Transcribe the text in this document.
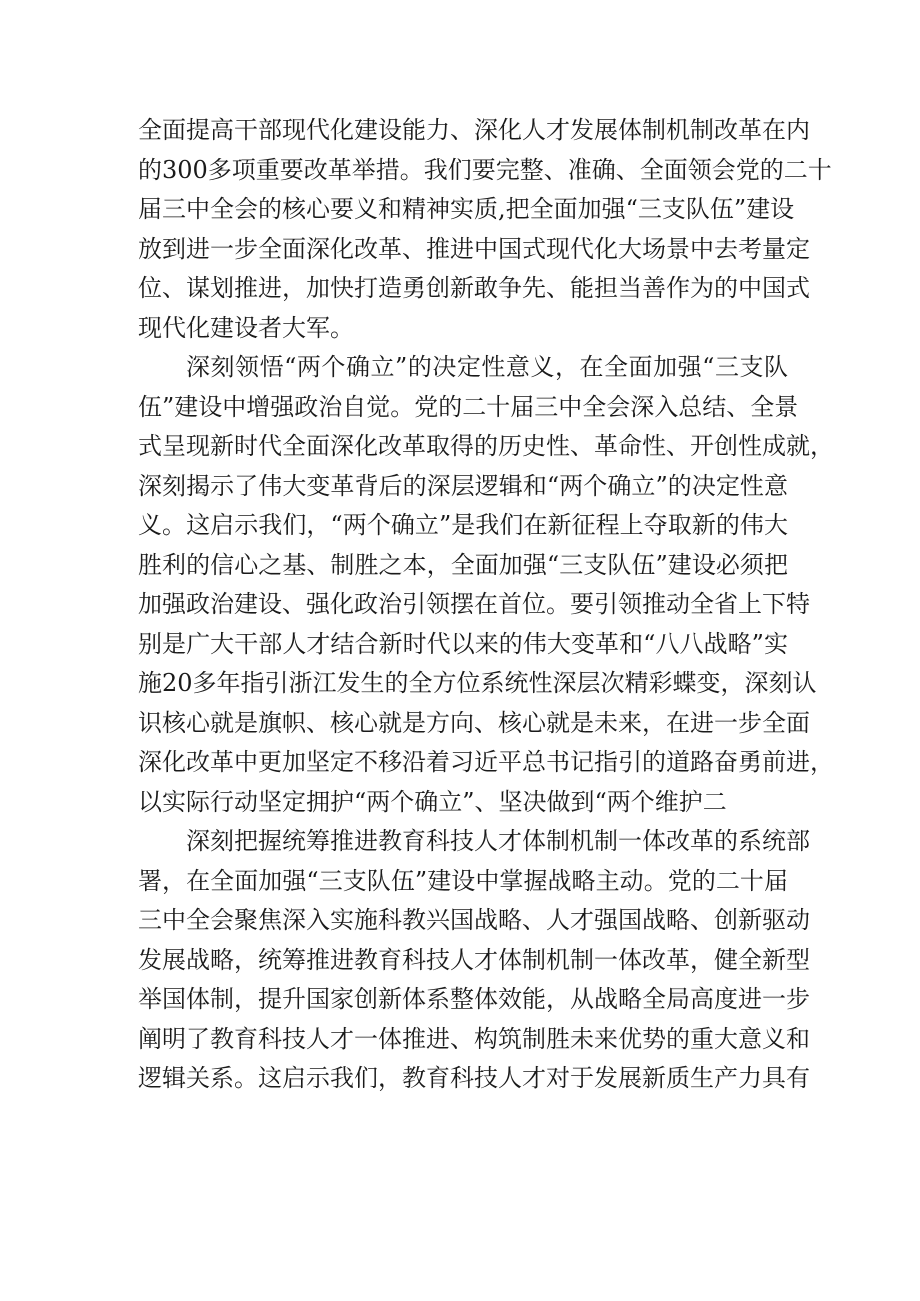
全面提高干部现代化建设能力、深化人才发展体制机制改革在内
的300多项重要改革举措。我们要完整、准确、全面领会党的二十
届三中全会的核心要义和精神实质,把全面加强“三支队伍”建设
放到进一步全面深化改革、推进中国式现代化大场景中去考量定
位、谋划推进，加快打造勇创新敢争先、能担当善作为的中国式
现代化建设者大军。
深刻领悟“两个确立”的决定性意义，在全面加强“三支队
伍”建设中增强政治自觉。党的二十届三中全会深入总结、全景
式呈现新时代全面深化改革取得的历史性、革命性、开创性成就，
深刻揭示了伟大变革背后的深层逻辑和“两个确立”的决定性意
义。这启示我们，“两个确立”是我们在新征程上夺取新的伟大
胜利的信心之基、制胜之本，全面加强“三支队伍”建设必须把
加强政治建设、强化政治引领摆在首位。要引领推动全省上下特
别是广大干部人才结合新时代以来的伟大变革和“八八战略”实
施20多年指引浙江发生的全方位系统性深层次精彩蝶变，深刻认
识核心就是旗帜、核心就是方向、核心就是未来，在进一步全面
深化改革中更加坚定不移沿着习近平总书记指引的道路奋勇前进，
以实际行动坚定拥护“两个确立”、坚决做到“两个维护二
深刻把握统筹推进教育科技人才体制机制一体改革的系统部
署，在全面加强“三支队伍”建设中掌握战略主动。党的二十届
三中全会聚焦深入实施科教兴国战略、人才强国战略、创新驱动
发展战略，统筹推进教育科技人才体制机制一体改革，健全新型
举国体制，提升国家创新体系整体效能，从战略全局高度进一步
阐明了教育科技人才一体推进、构筑制胜未来优势的重大意义和
逻辑关系。这启示我们，教育科技人才对于发展新质生产力具有
